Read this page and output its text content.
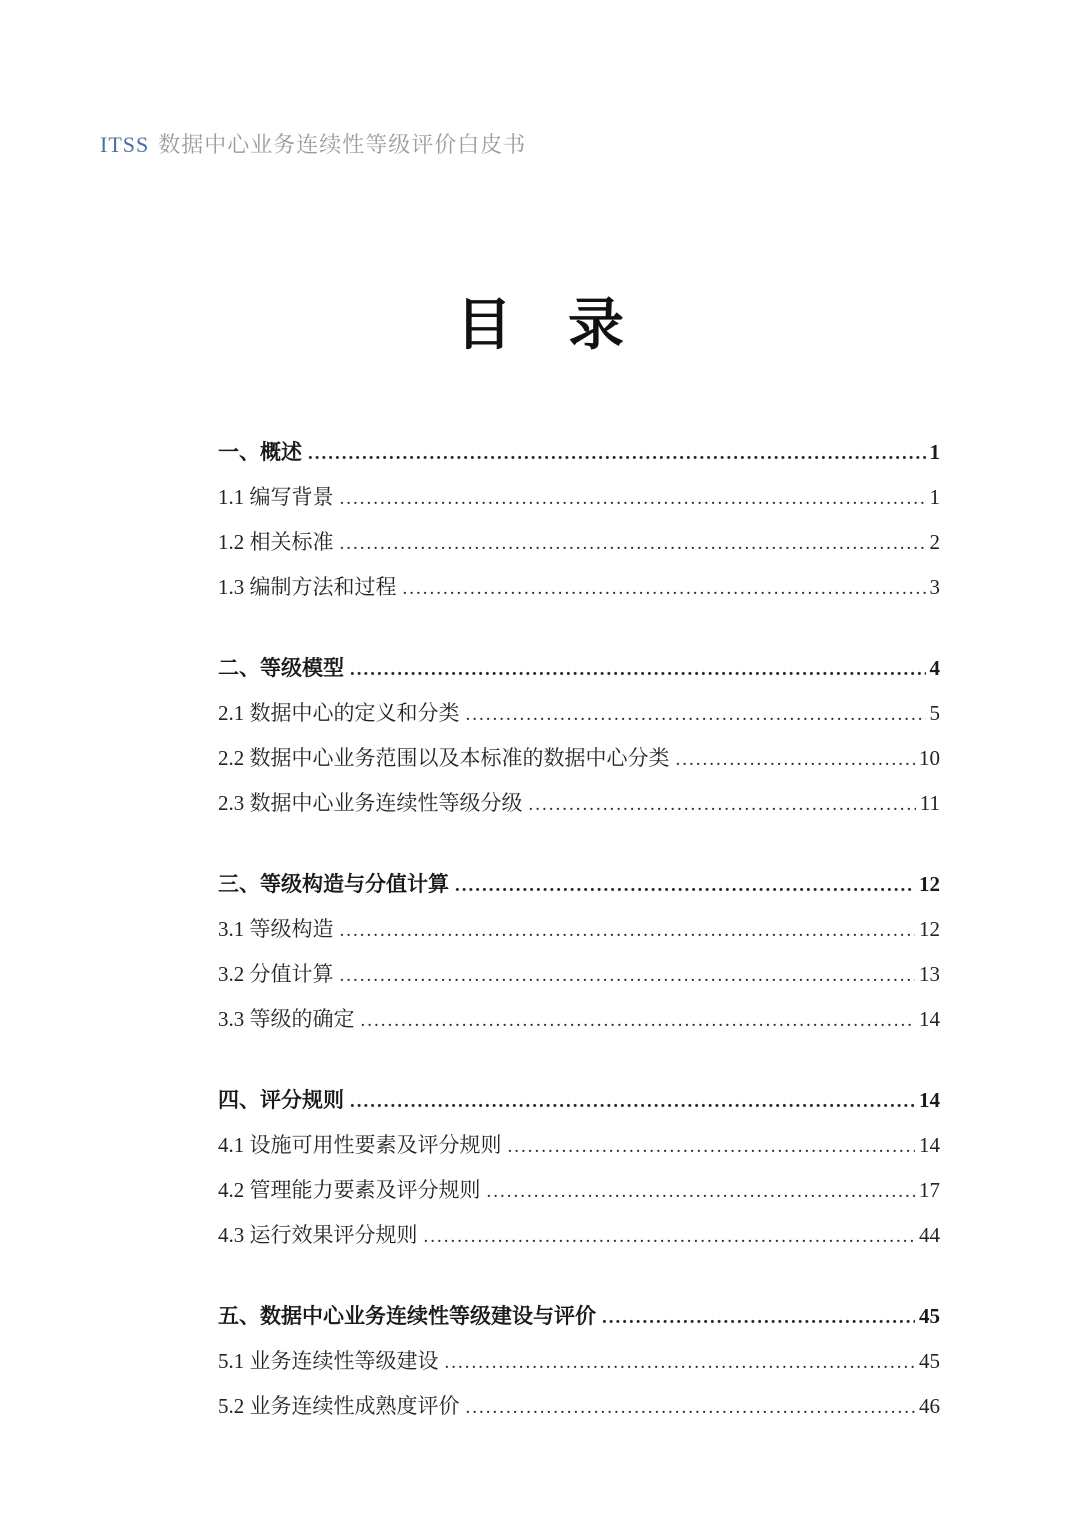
ITSS 数据中心业务连续性等级评价白皮书
目　录
一、概述 .....	1
1.1 编写背景 .....	1
1.2 相关标准 .....	2
1.3 编制方法和过程 .....	3
二、等级模型 .....	4
2.1 数据中心的定义和分类 .....	5
2.2 数据中心业务范围以及本标准的数据中心分类 .....	10
2.3 数据中心业务连续性等级分级 .....	11
三、等级构造与分值计算 .....	12
3.1 等级构造 .....	12
3.2 分值计算 .....	13
3.3 等级的确定 .....	14
四、评分规则 .....	14
4.1 设施可用性要素及评分规则 .....	14
4.2 管理能力要素及评分规则 .....	17
4.3 运行效果评分规则 .....	44
五、数据中心业务连续性等级建设与评价 .....	45
5.1 业务连续性等级建设 .....	45
5.2 业务连续性成熟度评价 .....	46
